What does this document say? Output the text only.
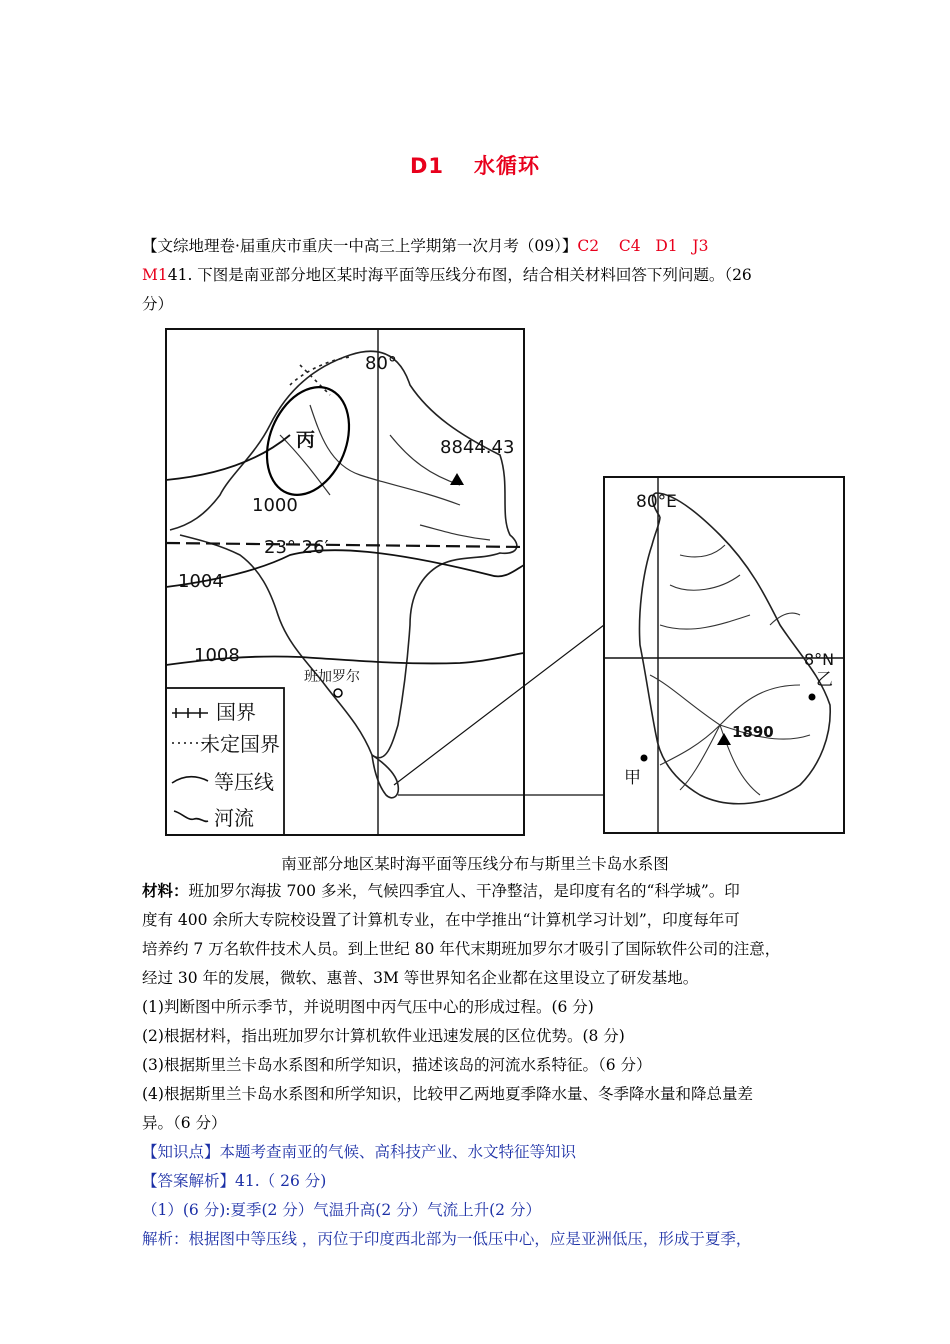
D1 水循环
【文综地理卷·届重庆市重庆一中高三上学期第一次月考（09）】C2    C4   D1   J3
M141. 下图是南亚部分地区某时海平面等压线分布图，结合相关材料回答下列问题。（26
分）
80°
8844.43
丙
1000
1004
1008
23° 26′
班加罗尔
国界
未定国界
等压线
河流
80°E
8°N
1890
甲
乙
南亚部分地区某时海平面等压线分布与斯里兰卡岛水系图
材料：班加罗尔海拔 700 多米，气候四季宜人、干净整洁，是印度有名的“科学城”。印
度有 400 余所大专院校设置了计算机专业，在中学推出“计算机学习计划”，印度每年可
培养约 7 万名软件技术人员。到上世纪 80 年代末期班加罗尔才吸引了国际软件公司的注意，
经过 30 年的发展，微软、惠普、3M 等世界知名企业都在这里设立了研发基地。
(1)判断图中所示季节，并说明图中丙气压中心的形成过程。(6 分)
(2)根据材料，指出班加罗尔计算机软件业迅速发展的区位优势。(8 分)
(3)根据斯里兰卡岛水系图和所学知识，描述该岛的河流水系特征。（6 分）
(4)根据斯里兰卡岛水系图和所学知识，比较甲乙两地夏季降水量、冬季降水量和降总量差
异。（6 分）
【知识点】本题考查南亚的气候、高科技产业、水文特征等知识
【答案解析】41.（ 26 分)
（1）(6 分):夏季(2 分）气温升高(2 分）气流上升(2 分）
解析：根据图中等压线 ，丙位于印度西北部为一低压中心，应是亚洲低压，形成于夏季，
